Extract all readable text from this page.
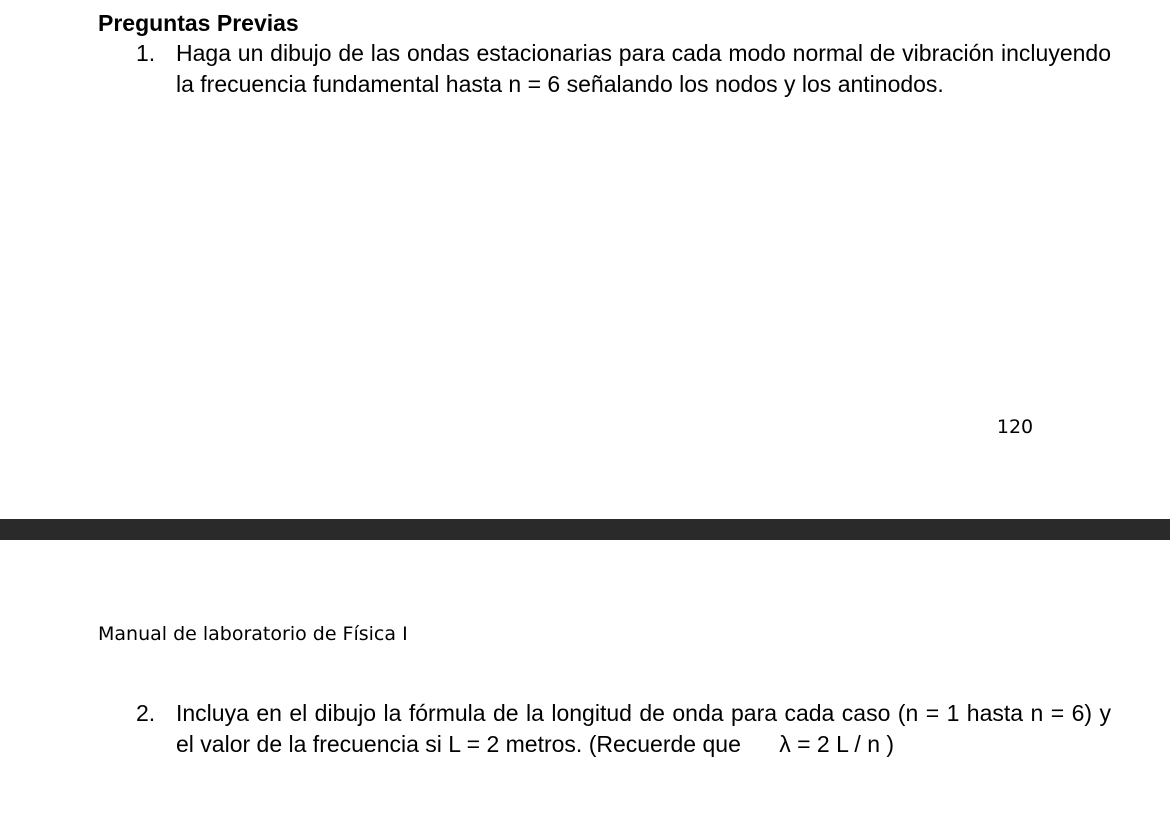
Preguntas Previas
1. Haga un dibujo de las ondas estacionarias para cada modo normal de vibración incluyendo la frecuencia fundamental hasta n = 6 señalando los nodos y los antinodos.
120
Manual de laboratorio de Física I
2. Incluya en el dibujo la fórmula de la longitud de onda para cada caso (n = 1 hasta n = 6) y el valor de la frecuencia si L = 2 metros. (Recuerde que      λ = 2 L / n )
